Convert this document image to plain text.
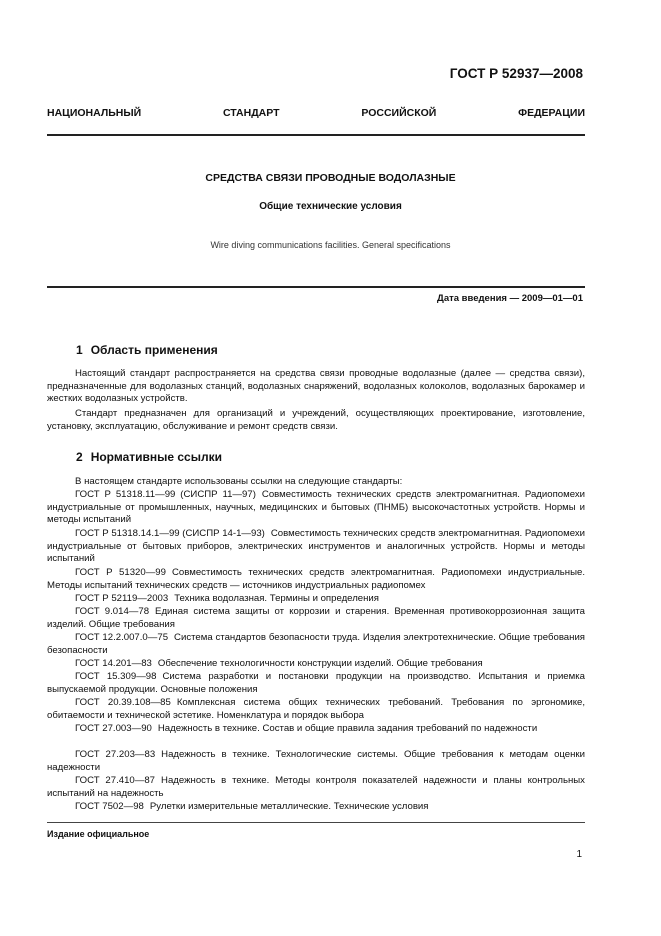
ГОСТ Р 52937—2008
НАЦИОНАЛЬНЫЙ	СТАНДАРТ	РОССИЙСКОЙ	ФЕДЕРАЦИИ
СРЕДСТВА СВЯЗИ ПРОВОДНЫЕ ВОДОЛАЗНЫЕ
Общие технические условия
Wire diving communications facilities. General specifications
Дата введения — 2009—01—01
1 Область применения
Настоящий стандарт распространяется на средства связи проводные водолазные (далее — средства связи), предназначенные для водолазных станций, водолазных снаряжений, водолазных колоколов, водолазных барокамер и жестких водолазных устройств.
Стандарт предназначен для организаций и учреждений, осуществляющих проектирование, изготовление, установку, эксплуатацию, обслуживание и ремонт средств связи.
2 Нормативные ссылки
В настоящем стандарте использованы ссылки на следующие стандарты:
ГОСТ Р 51318.11—99 (СИСПР 11—97) Совместимость технических средств электромагнитная. Радиопомехи индустриальные от промышленных, научных, медицинских и бытовых (ПНМБ) высокочастотных устройств. Нормы и методы испытаний
ГОСТ Р 51318.14.1—99 (СИСПР 14-1—93) Совместимость технических средств электромагнитная. Радиопомехи индустриальные от бытовых приборов, электрических инструментов и аналогичных устройств. Нормы и методы испытаний
ГОСТ Р 51320—99 Совместимость технических средств электромагнитная. Радиопомехи индустриальные. Методы испытаний технических средств — источников индустриальных радиопомех
ГОСТ Р 52119—2003 Техника водолазная. Термины и определения
ГОСТ 9.014—78 Единая система защиты от коррозии и старения. Временная противокоррозионная защита изделий. Общие требования
ГОСТ 12.2.007.0—75 Система стандартов безопасности труда. Изделия электротехнические. Общие требования безопасности
ГОСТ 14.201—83 Обеспечение технологичности конструкции изделий. Общие требования
ГОСТ 15.309—98 Система разработки и постановки продукции на производство. Испытания и приемка выпускаемой продукции. Основные положения
ГОСТ 20.39.108—85 Комплексная система общих технических требований. Требования по эргономике, обитаемости и технической эстетике. Номенклатура и порядок выбора
ГОСТ 27.003—90 Надежность в технике. Состав и общие правила задания требований по надежности
ГОСТ 27.203—83 Надежность в технике. Технологические системы. Общие требования к методам оценки надежности
ГОСТ 27.410—87 Надежность в технике. Методы контроля показателей надежности и планы контрольных испытаний на надежность
ГОСТ 7502—98 Рулетки измерительные металлические. Технические условия
Издание официальное
1
